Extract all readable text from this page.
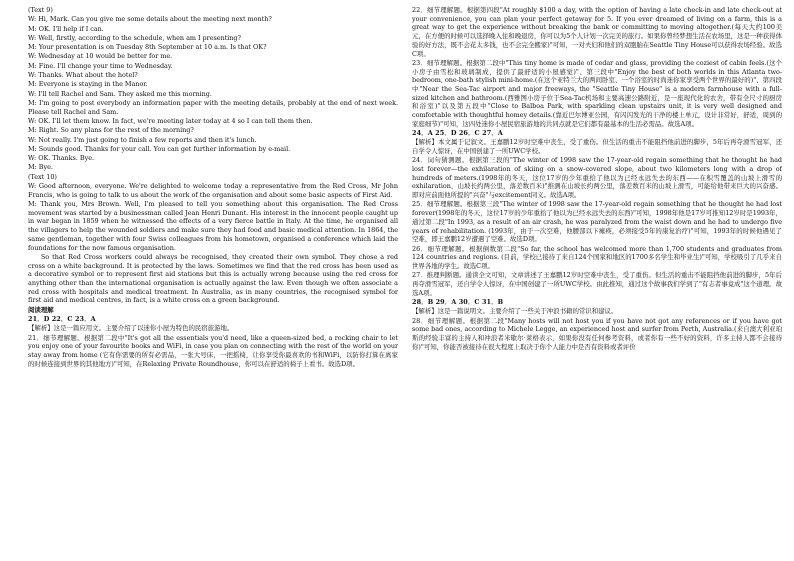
(Text 9)

W: Hi, Mark. Can you give me some details about the meeting next month?

M: OK. I'll help if I can.

W: Well, firstly, according to the schedule, when am I presenting?

M: Your presentation is on Tuesday 8th September at 10 a.m. Is that OK?

W: Wednesday at 10 would be better for me.

M: Fine. I'll change your time to Wednesday.

W: Thanks. What about the hotel?

M: Everyone is staying in the Manor.

W: I'll tell Rachel and Sam. They asked me this morning.

M: I'm going to post everybody an information paper with the meeting details, probably at the end of next week. Please tell Rachel and Sam.

W: OK. I'll let them know. In fact, we're meeting later today at 4 so I can tell them then.

M: Right. So any plans for the rest of the morning?

W: Not really. I'm just going to finish a few reports and then it's lunch.

M: Sounds good. Thanks for your call. You can get further information by e-mail.

W: OK. Thanks. Bye.

M: Bye.

(Text 10)

W: Good afternoon, everyone. We're delighted to welcome today a representative from the Red Cross, Mr John Francis, who is going to talk to us about the work of the organisation and about some basic aspects of First Aid.

M: Thank you, Mrs Brown. Well, I'm pleased to tell you something about this organisation. The Red Cross movement was started by a businessman called Jean Henri Dunant. His interest in the innocent people caught up in war began in 1859 when he witnessed the effects of a very fierce battle in Italy. At the time, he organised all the villagers to help the wounded soldiers and make sure they had food and basic medical attention. In 1864, the same gentleman, together with four Swiss colleagues from his hometown, organised a conference which laid the foundations for the now famous organisation.

So that Red Cross workers could always be recognised, they created their own symbol. They chose a red cross on a white background. It is protected by the laws. Sometimes we find that the red cross has been used as a decorative symbol or to represent first aid stations but this is actually wrong because using the red cross for anything other than the international organisation is actually against the law. Even though we often associate a red cross with hospitals and medical treatment. In Australia, as in many countries, the recognised symbol for first aid and medical centres, in fact, is a white cross on a green background.

阅读理解

21．D 22．C 23．A

【解析】这是一篇应用文。主要介绍了以迷你小屋为特色的民宿旅游地。

21．细节理解题。根据第二段中"It's got all the essentials you'd need, like a queen-sized bed, a rocking chair to let you enjoy one of your favourite books and WiFi, in case you plan on connecting with the rest of the world on your stay away from home (它有你需要的所有必需品，一张大号床，一把摇椅，让你享受你最喜欢的书和WiFi，以防你打算在离家的时候连接到世界的其他地方)"可知，在Relaxing Private Roundhouse，你可以在舒适的椅子上看书。故选D项。

22．细节理解题。根据第四段"At roughly $100 a day, with the option of having a late check-in and late check-out at your convenience, you can plan your perfect getaway for 5. If you ever dreamed of living on a farm, this is a great way to get the experience without breaking the bank or committing to moving altogether.(每天大约100美元，在方便的时候可以选择晚入住和晚退房，你可以为5个人计划一次完美的旅行。如果你曾经梦想生活在农场里，这是一种获得体验的好方法，既不会花太多钱，也不会完全搬家)"可知，一对夫妇和他们的双胞胎在Seattle Tiny House可以获得农场经验。故选C项。

23．细节理解题。根据第二段中"This tiny home is made of cedar and glass, providing the coziest of cabin feels.(这个小房子由雪松和玻璃制成，提供了最舒适的小屋感觉)"、第三段中"Enjoy the best of both worlds in this Atlanta two-bedroom, one-bath stylish mini-home.(在这个亚特兰大的两间卧室、一个浴室的时尚迷你家享受两个世界的最好的)"、第四段中"Near the Sea-Tac airport and major freeways, the "Seattle Tiny House" is a modern farmhouse with a full-sized kitchen and bathroom.(西雅图小房子位于Sea-Tac机场和主要高速公路附近，是一座现代化的农舍，带有全尺寸的厨房和浴室)"以及第五段中"Close to Balboa Park, with sparkling clean upstairs unit, it is very well designed and comfortable with thoughtful homey details.(靠近巴尔博亚公园，有闪闪发光的干净的楼上单元，设计非常好，舒适，周到的家庭细节)"可知，这四处迷你小屋民宿旅游地的共同点就是它们都有最基本的生活必需品。故选A项。

24．A 25．D 26．C 27．A

【解析】本文属于记叙文。王嘉鹏12岁时空难中丧生，受了重伤。但生活的重击不能阻挡他前进的脚步，5年后再夺滑雪冠军，还自学令人惊讶，在中国创建了一所UWC学校。

24．词句猜测题。根据第三段的"The winter of 1998 saw the 17-year-old regain something that he thought he had lost forever—the exhilaration of skiing on a snow-covered slope, about two kilometers long with a drop of hundreds of meters.(1998年的冬天，这位17岁的少年重拾了他以为已经永远失去的东西——在积雪覆盖的山坡上滑雪的exhilaration，山坡长约两公里，落差数百米)"推测在山坡长约两公里，落差数百米的山坡上滑雪，可能给他带来巨大的兴奋感。即对应前面他所提的"兴奋"与excitement同义。故选A项。

25．细节理解题。根据第三段"The winter of 1998 saw the 17-year-old regain something that he thought he had lost forever(1998年的冬天，这位17岁的少年重拾了他以为已经永远失去的东西)"可知，1998年他是17岁可推知12岁时是1993年，通过第二段"In 1993, as a result of an air crash, he was paralyzed from the waist down and he had to undergo five years of rehabilitation. (1993年，由于一次空难，他腰部以下瘫痪，必须接受5年的康复治疗)"可知，1993年的时候他遇见了空难，即王嘉鹏12岁遭遇了空难。故选D项。

26．细节理解题。根据倒数第二段"So far, the school has welcomed more than 1,700 students and graduates from 124 countries and regions. (目前，学校已接待了来自124个国家和地区的1700多名学生和毕业生)"可知，学校吸引了几乎来自世界各地的学生。故选C项。

27．推理判断题。通读全文可知，文章讲述了王嘉鹏12岁时空难中丧生，受了重伤。但生活的重击不能阻挡他前进的脚步，5年后再夺滑雪冠军，还自学令人惊讶，在中国创建了一所UWC学校。由此推知，通过这个故事我们学到了"有志者事竟成"这个道理。故选A项。

28．B 29．A 30．C 31．B

【解析】这是一篇说明文。主要介绍了一些关于冲浪书籍的常识和建议。

28．细节理解题。根据第二段"Many hosts will not host you if you have not got any references or if you have got some bad ones, according to Michele Legge, an experienced host and surfer from Perth, Australia.(来自澳大利亚珀斯的经验丰富的主持人和冲浪者米歇尔·莱格表示，如果你没有任何参考资料，或者你有一些不好的资料，许多主持人都不会接待你)"可知，你能否被接待在很大程度上取决于你个人能力中是否有资料或者评价
